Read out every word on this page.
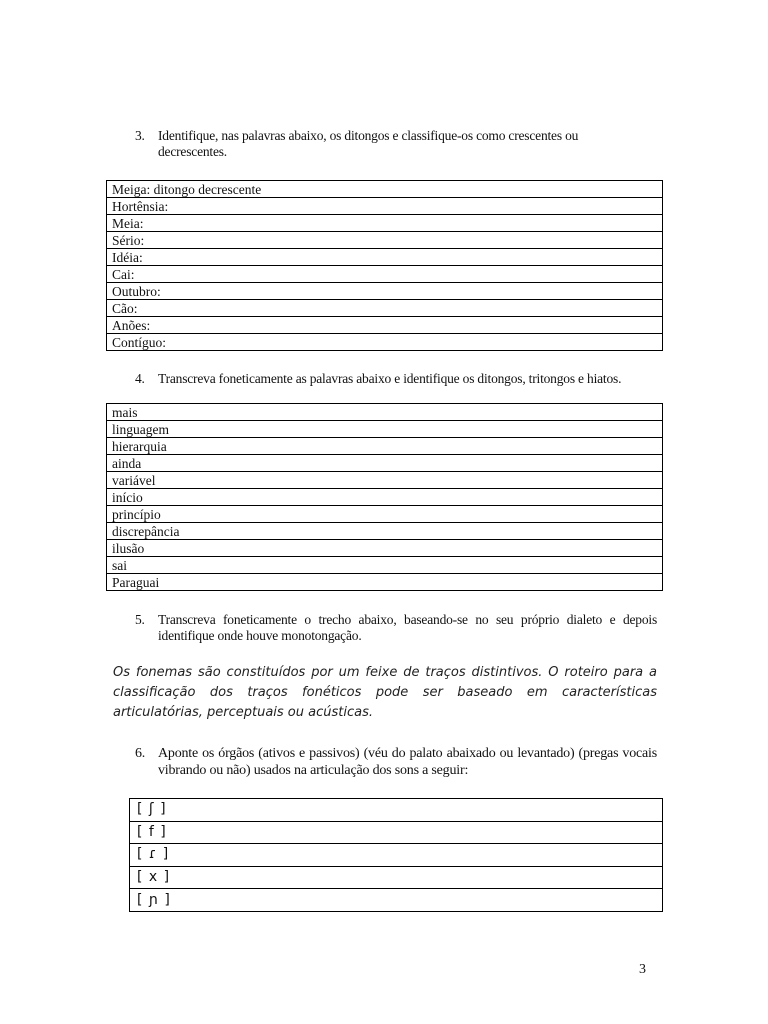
3. Identifique, nas palavras abaixo, os ditongos e classifique-os como crescentes ou decrescentes.
Meiga: ditongo decrescente
Hortênsia:
Meia:
Sério:
Idéia:
Cai:
Outubro:
Cão:
Anões:
Contíguo:
4. Transcreva foneticamente as palavras abaixo e identifique os ditongos, tritongos e hiatos.
mais
linguagem
hierarquia
ainda
variável
início
princípio
discrepância
ilusão
sai
Paraguai
5. Transcreva foneticamente o trecho abaixo, baseando-se no seu próprio dialeto e depois identifique onde houve monotongação.

Os fonemas são constituídos por um feixe de traços distintivos. O roteiro para a classificação dos traços fonéticos pode ser baseado em características articulatórias, perceptuais ou acústicas.

6. Aponte os órgãos (ativos e passivos) (véu do palato abaixado ou levantado) (pregas vocais vibrando ou não) usados na articulação dos sons a seguir:
[ ʃ ]
[ f ]
[ ɾ ]
[ x ]
[ ɲ ]
3
